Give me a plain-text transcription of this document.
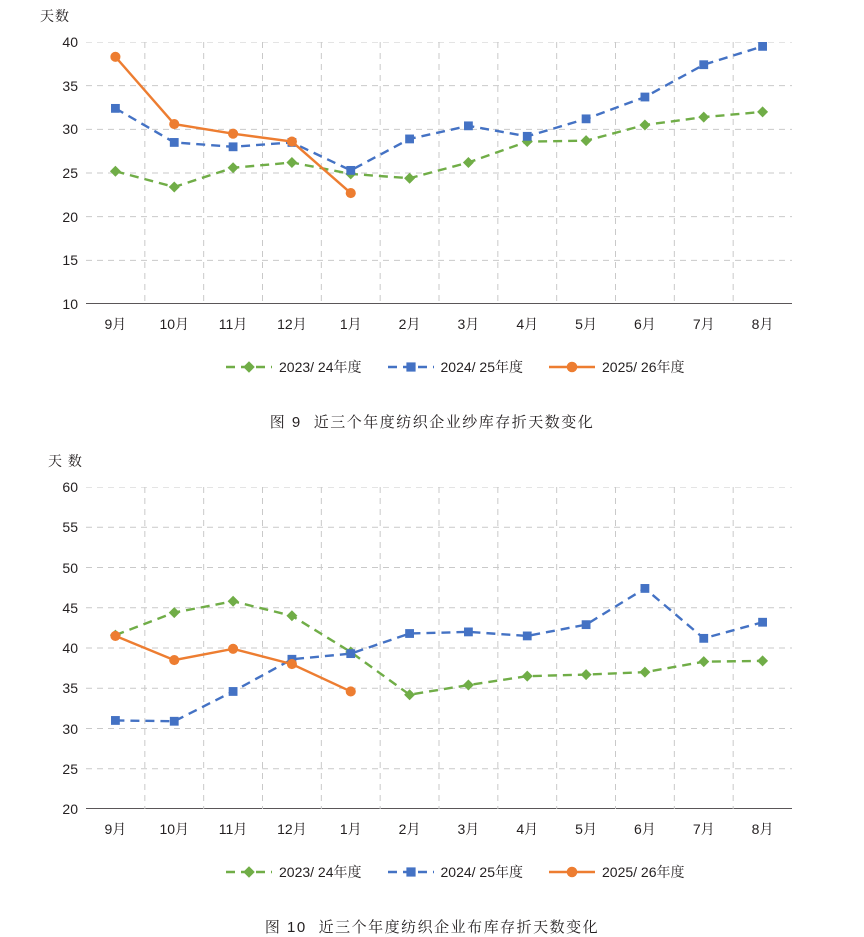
天数
10
15
20
25
30
35
40
9月 10月 11月 12月 1月	2月	3月	4月	5月	6月	7月	8月
2023/ 24年度	2024/ 25年度	2025/ 26年度
图 9 近三个年度纺织企业纱库存折天数变化
天 数
20
25
30
35
40
45
50
55
60
9月 10月 11月 12月 1月	2月	3月	4月	5月	6月	7月	8月
2023/ 24年度	2024/ 25年度	2025/ 26年度
图 10 近三个年度纺织企业布库存折天数变化
